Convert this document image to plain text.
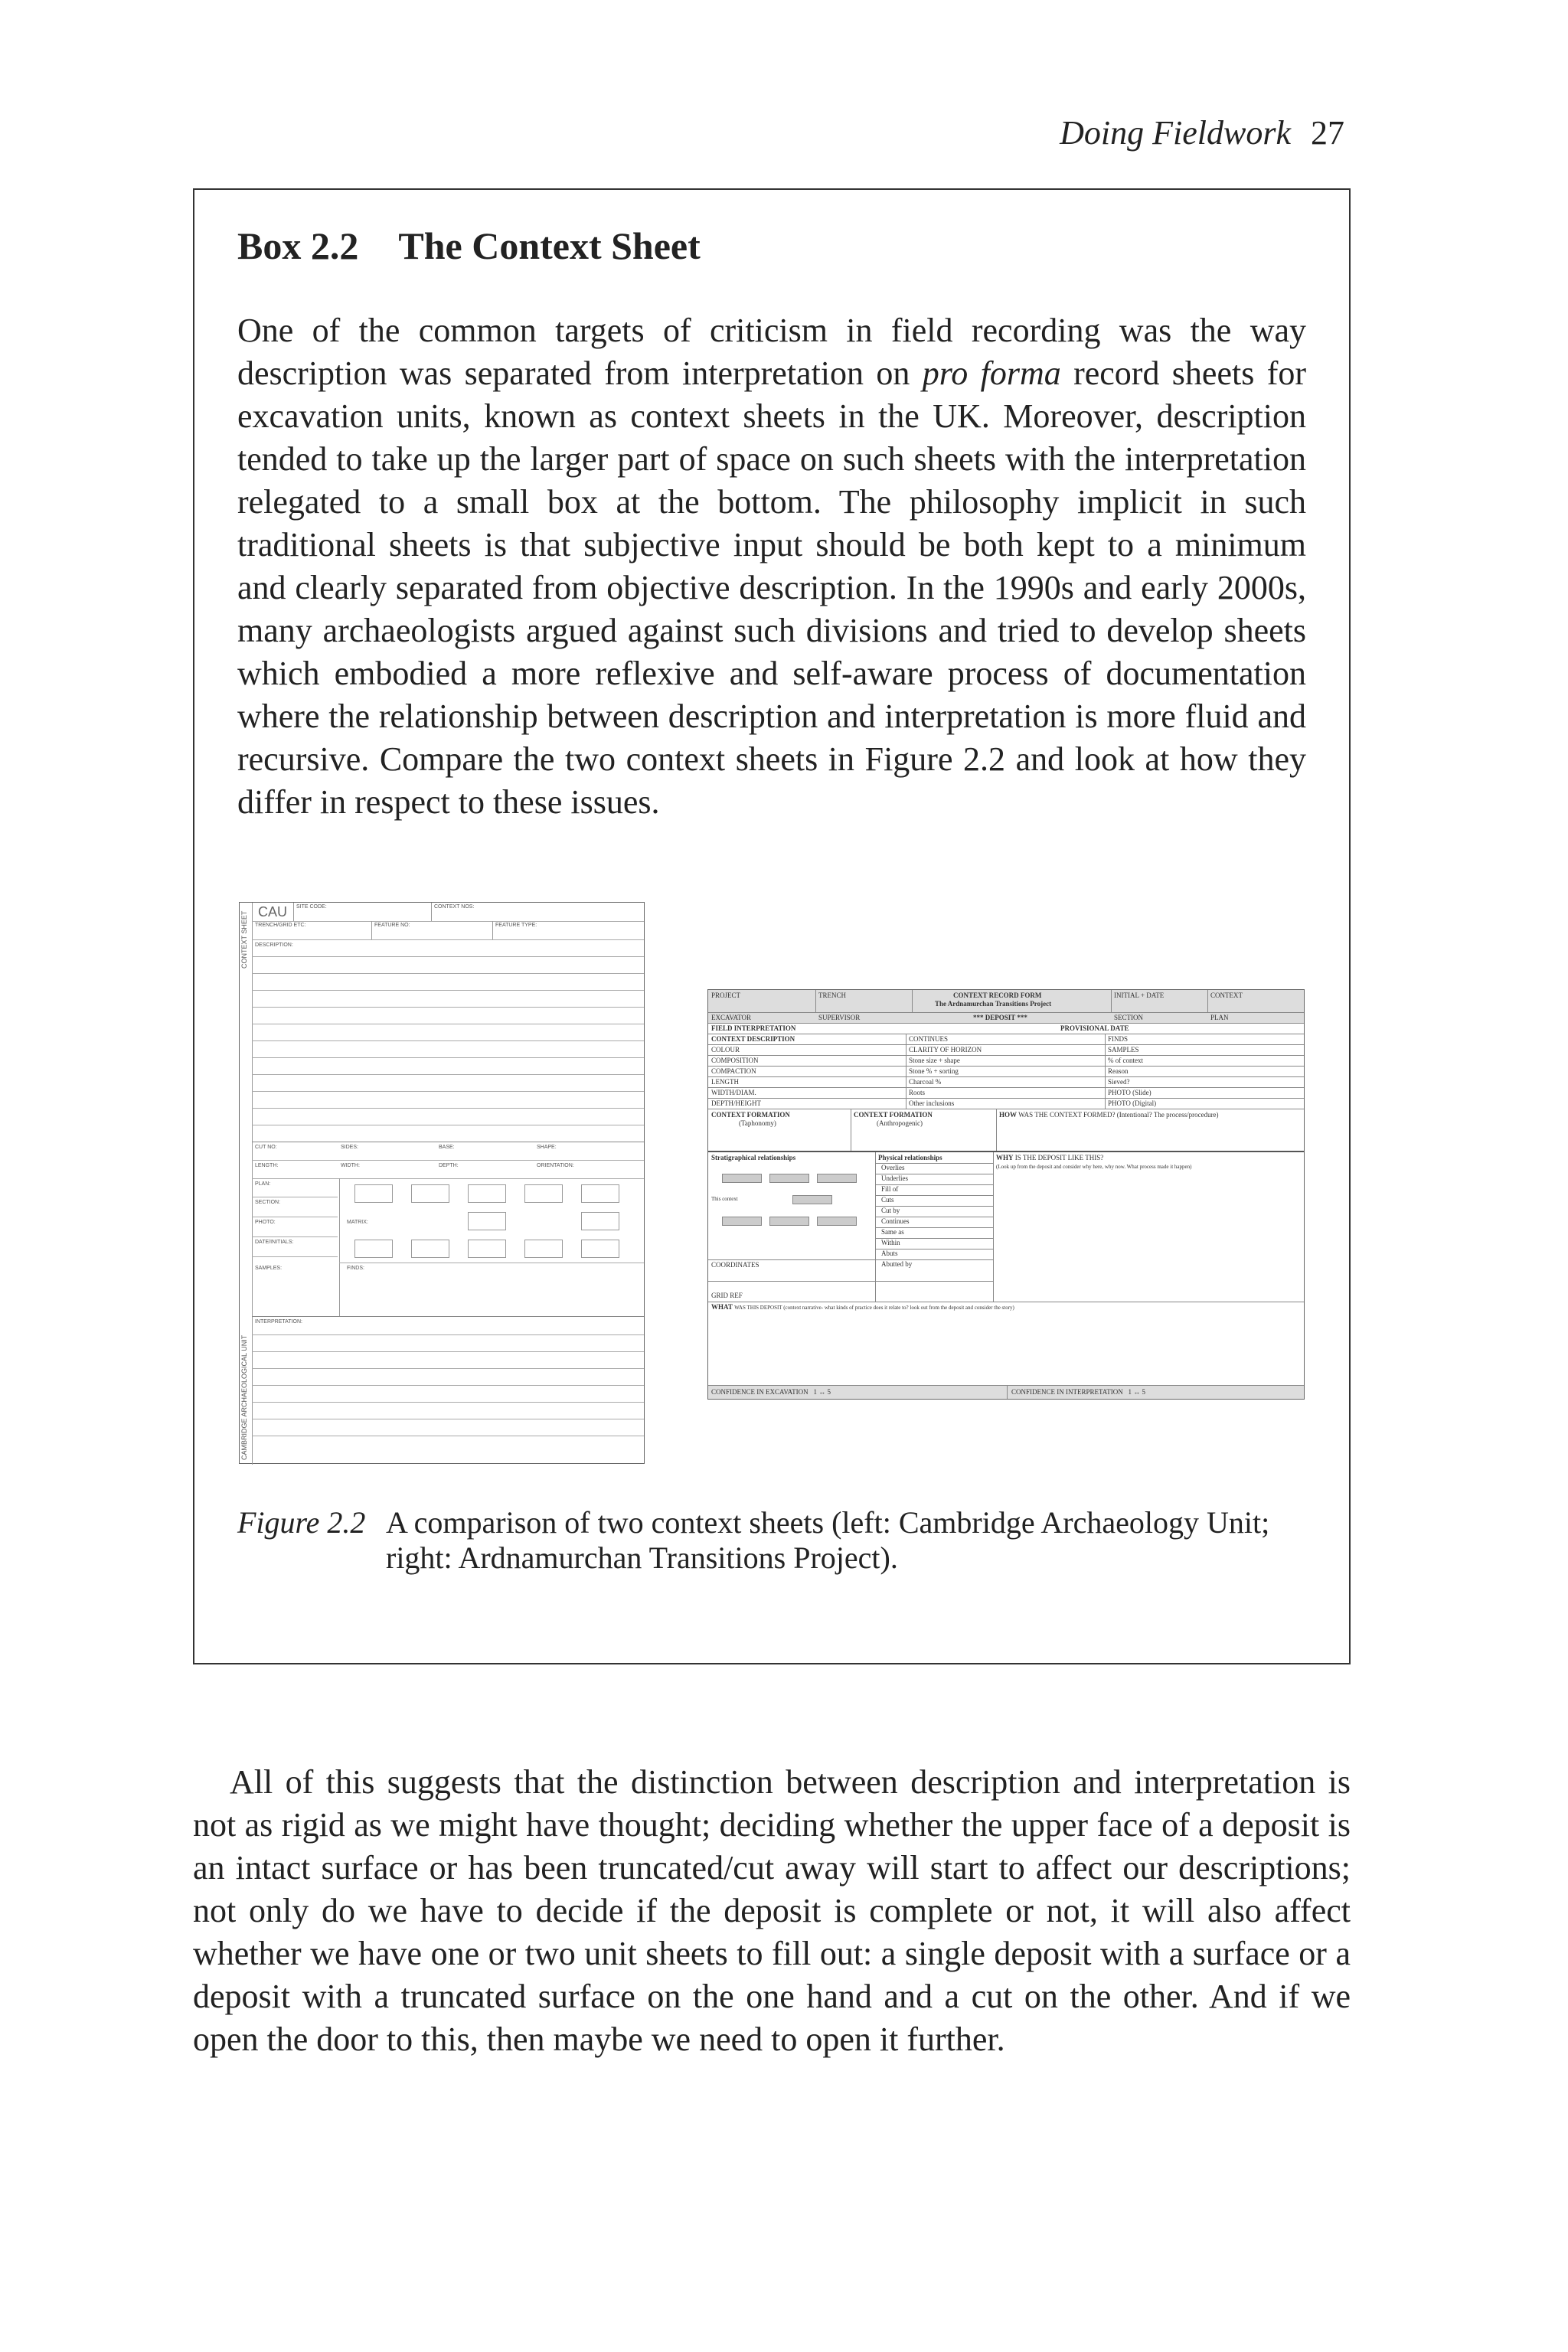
Doing Fieldwork 27
Box 2.2 The Context Sheet

One of the common targets of criticism in field recording was the way description was separated from interpretation on pro forma record sheets for excavation units, known as context sheets in the UK. Moreover, description tended to take up the larger part of space on such sheets with the interpretation relegated to a small box at the bottom. The philosophy implicit in such traditional sheets is that subjective input should be both kept to a minimum and clearly separated from objective description. In the 1990s and early 2000s, many archaeologists argued against such divisions and tried to develop sheets which embodied a more reflexive and self-aware process of documentation where the relationship between description and interpretation is more fluid and recursive. Compare the two context sheets in Figure 2.2 and look at how they differ in respect to these issues.

CONTEXT SHEET
CAMBRIDGE ARCHAEOLOGICAL UNIT
CAU SITE CODE:	CONTEXT NOS:
TRENCH/GRID ETC:	FEATURE NO:	FEATURE TYPE:
DESCRIPTION:
CUT NO:	SIDES:	BASE:	SHAPE:
LENGTH:	WIDTH:	DEPTH:	ORIENTATION:
PLAN:
SECTION:
PHOTO:	MATRIX:
DATE/INITIALS:
SAMPLES:	FINDS:
INTERPRETATION:
PROJECT	TRENCH	CONTEXT RECORD FORM
The Ardnamurchan Transitions Project
INITIAL + DATE	CONTEXT
EXCAVATOR	SUPERVISOR	*** DEPOSIT ***	SECTION	PLAN
FIELD INTERPRETATION	PROVISIONAL DATE
CONTEXT DESCRIPTION	CONTINUES	FINDS
COLOUR	CLARITY OF HORIZON	SAMPLES
COMPOSITION	Stone size + shape	% of context
COMPACTION	Stone % + sorting	Reason
LENGTH	Charcoal %	Sieved?
WIDTH/DIAM.	Roots	PHOTO (Slide)
DEPTH/HEIGHT	Other inclusions	PHOTO (Digital)
CONTEXT FORMATION
(Taphonomy)
CONTEXT FORMATION
(Anthropogenic)
HOW WAS THE CONTEXT FORMED? (Intentional? The process/procedure)
Stratigraphical relationships	Physical relationships	WHY IS THE DEPOSIT LIKE THIS?
(Look up from the deposit and consider why here, why now. What process made it happen)
Overlies
Underlies
Fill of
Cuts
Cut by
Continues
Same as
Within
Abuts
Abutted by
This context
COORDINATES
GRID REF
WHAT WAS THIS DEPOSIT (context narrative- what kinds of practice does it relate to? look out from the deposit and consider the story)
CONFIDENCE IN EXCAVATION 1 ↔ 5	CONFIDENCE IN INTERPRETATION 1 ↔ 5
Figure 2.2 A comparison of two context sheets (left: Cambridge Archaeology Unit; right: Ardnamurchan Transitions Project).

All of this suggests that the distinction between description and interpretation is not as rigid as we might have thought; deciding whether the upper face of a deposit is an intact surface or has been truncated/cut away will start to affect our descriptions; not only do we have to decide if the deposit is complete or not, it will also affect whether we have one or two unit sheets to fill out: a single deposit with a surface or a deposit with a truncated surface on the one hand and a cut on the other. And if we open the door to this, then maybe we need to open it further.
